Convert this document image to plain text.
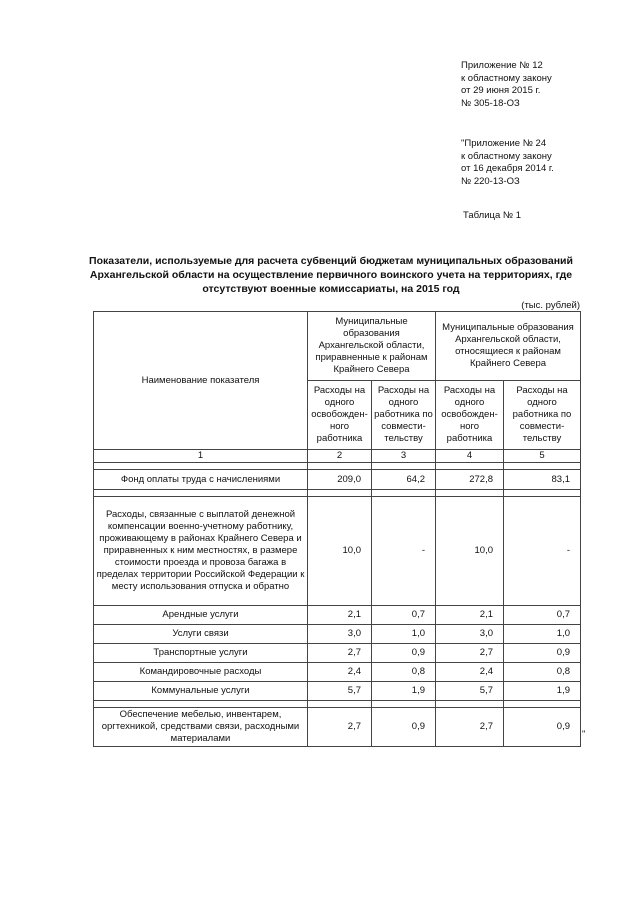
Приложение № 12
к областному закону
от 29 июня 2015 г.
№ 305-18-ОЗ
"Приложение № 24
к областному закону
от 16 декабря 2014 г.
№ 220-13-ОЗ
Таблица № 1
Показатели, используемые для расчета субвенций бюджетам муниципальных образований Архангельской области на осуществление первичного воинского учета на территориях, где отсутствуют военные комиссариаты, на 2015 год
(тыс. рублей)
Наименование показателя	Муниципальные образования Архангельской области, приравненные к районам Крайнего Севера		Муниципальные образования Архангельской области, относящиеся к районам Крайнего Севера	
	Расходы на одного освобожден-ного работника	Расходы на одного работника по совмести-тельству	Расходы на одного освобожден-ного работника	Расходы на одного работника по совмести-тельству
1	2	3	4	5

Фонд оплаты труда с начислениями	209,0	64,2	272,8	83,1

Расходы, связанные с выплатой денежной компенсации военно-учетному работнику, проживающему в районах Крайнего Севера и приравненных к ним местностях, в размере стоимости проезда и провоза багажа в пределах территории Российской Федерации к месту использования отпуска и обратно	10,0	-	10,0	-
Арендные услуги	2,1	0,7	2,1	0,7
Услуги связи	3,0	1,0	3,0	1,0
Транспортные услуги	2,7	0,9	2,7	0,9
Командировочные расходы	2,4	0,8	2,4	0,8
Коммунальные услуги	5,7	1,9	5,7	1,9

Обеспечение мебелью, инвентарем, оргтехникой, средствами связи, расходными материалами	2,7	0,9	2,7	0,9
"
